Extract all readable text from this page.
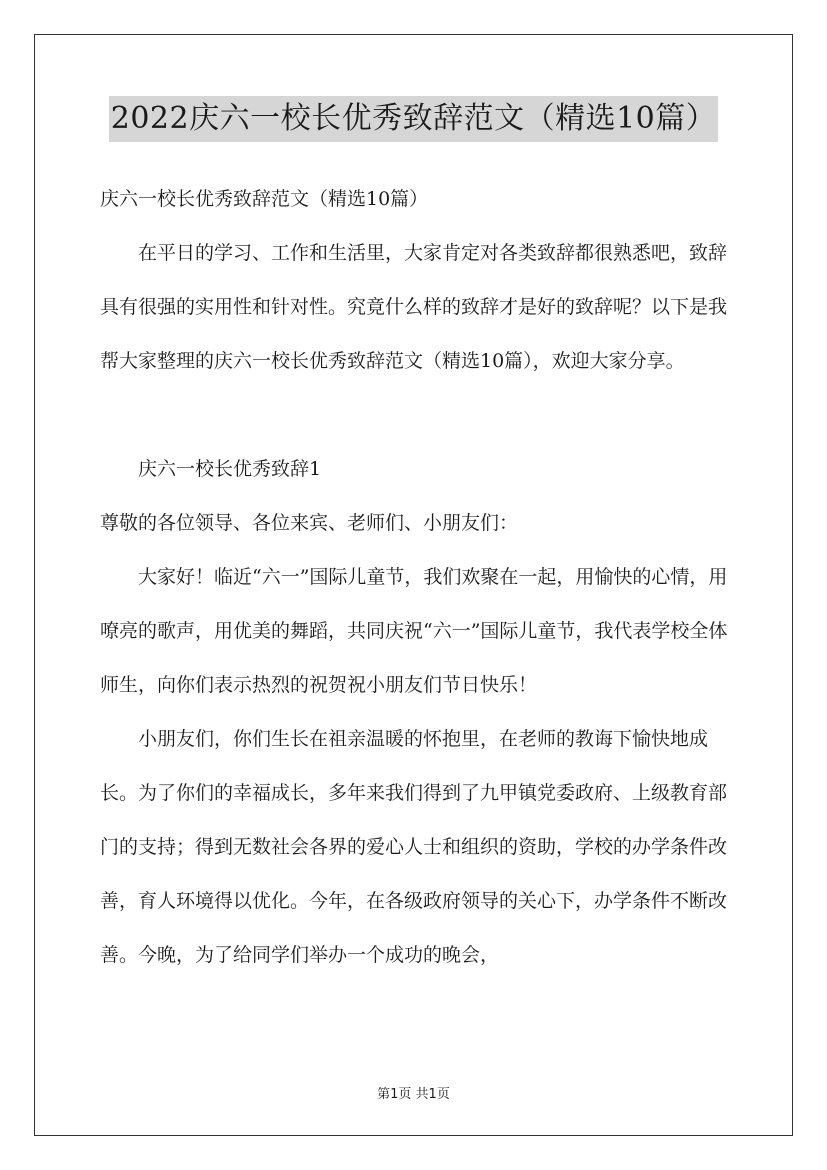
2022庆六一校长优秀致辞范文（精选10篇）

庆六一校长优秀致辞范文（精选10篇）

在平日的学习、工作和生活里，大家肯定对各类致辞都很熟悉吧，致辞具有很强的实用性和针对性。究竟什么样的致辞才是好的致辞呢？以下是我帮大家整理的庆六一校长优秀致辞范文（精选10篇），欢迎大家分享。

庆六一校长优秀致辞1

尊敬的各位领导、各位来宾、老师们、小朋友们：

大家好！临近“六一”国际儿童节，我们欢聚在一起，用愉快的心情，用嘹亮的歌声，用优美的舞蹈，共同庆祝“六一”国际儿童节，我代表学校全体师生，向你们表示热烈的祝贺祝小朋友们节日快乐！

小朋友们，你们生长在祖亲温暖的怀抱里，在老师的教诲下愉快地成长。为了你们的幸福成长，多年来我们得到了九甲镇党委政府、上级教育部门的支持；得到无数社会各界的爱心人士和组织的资助，学校的办学条件改善，育人环境得以优化。今年，在各级政府领导的关心下，办学条件不断改善。今晚，为了给同学们举办一个成功的晚会，

第1页 共1页
